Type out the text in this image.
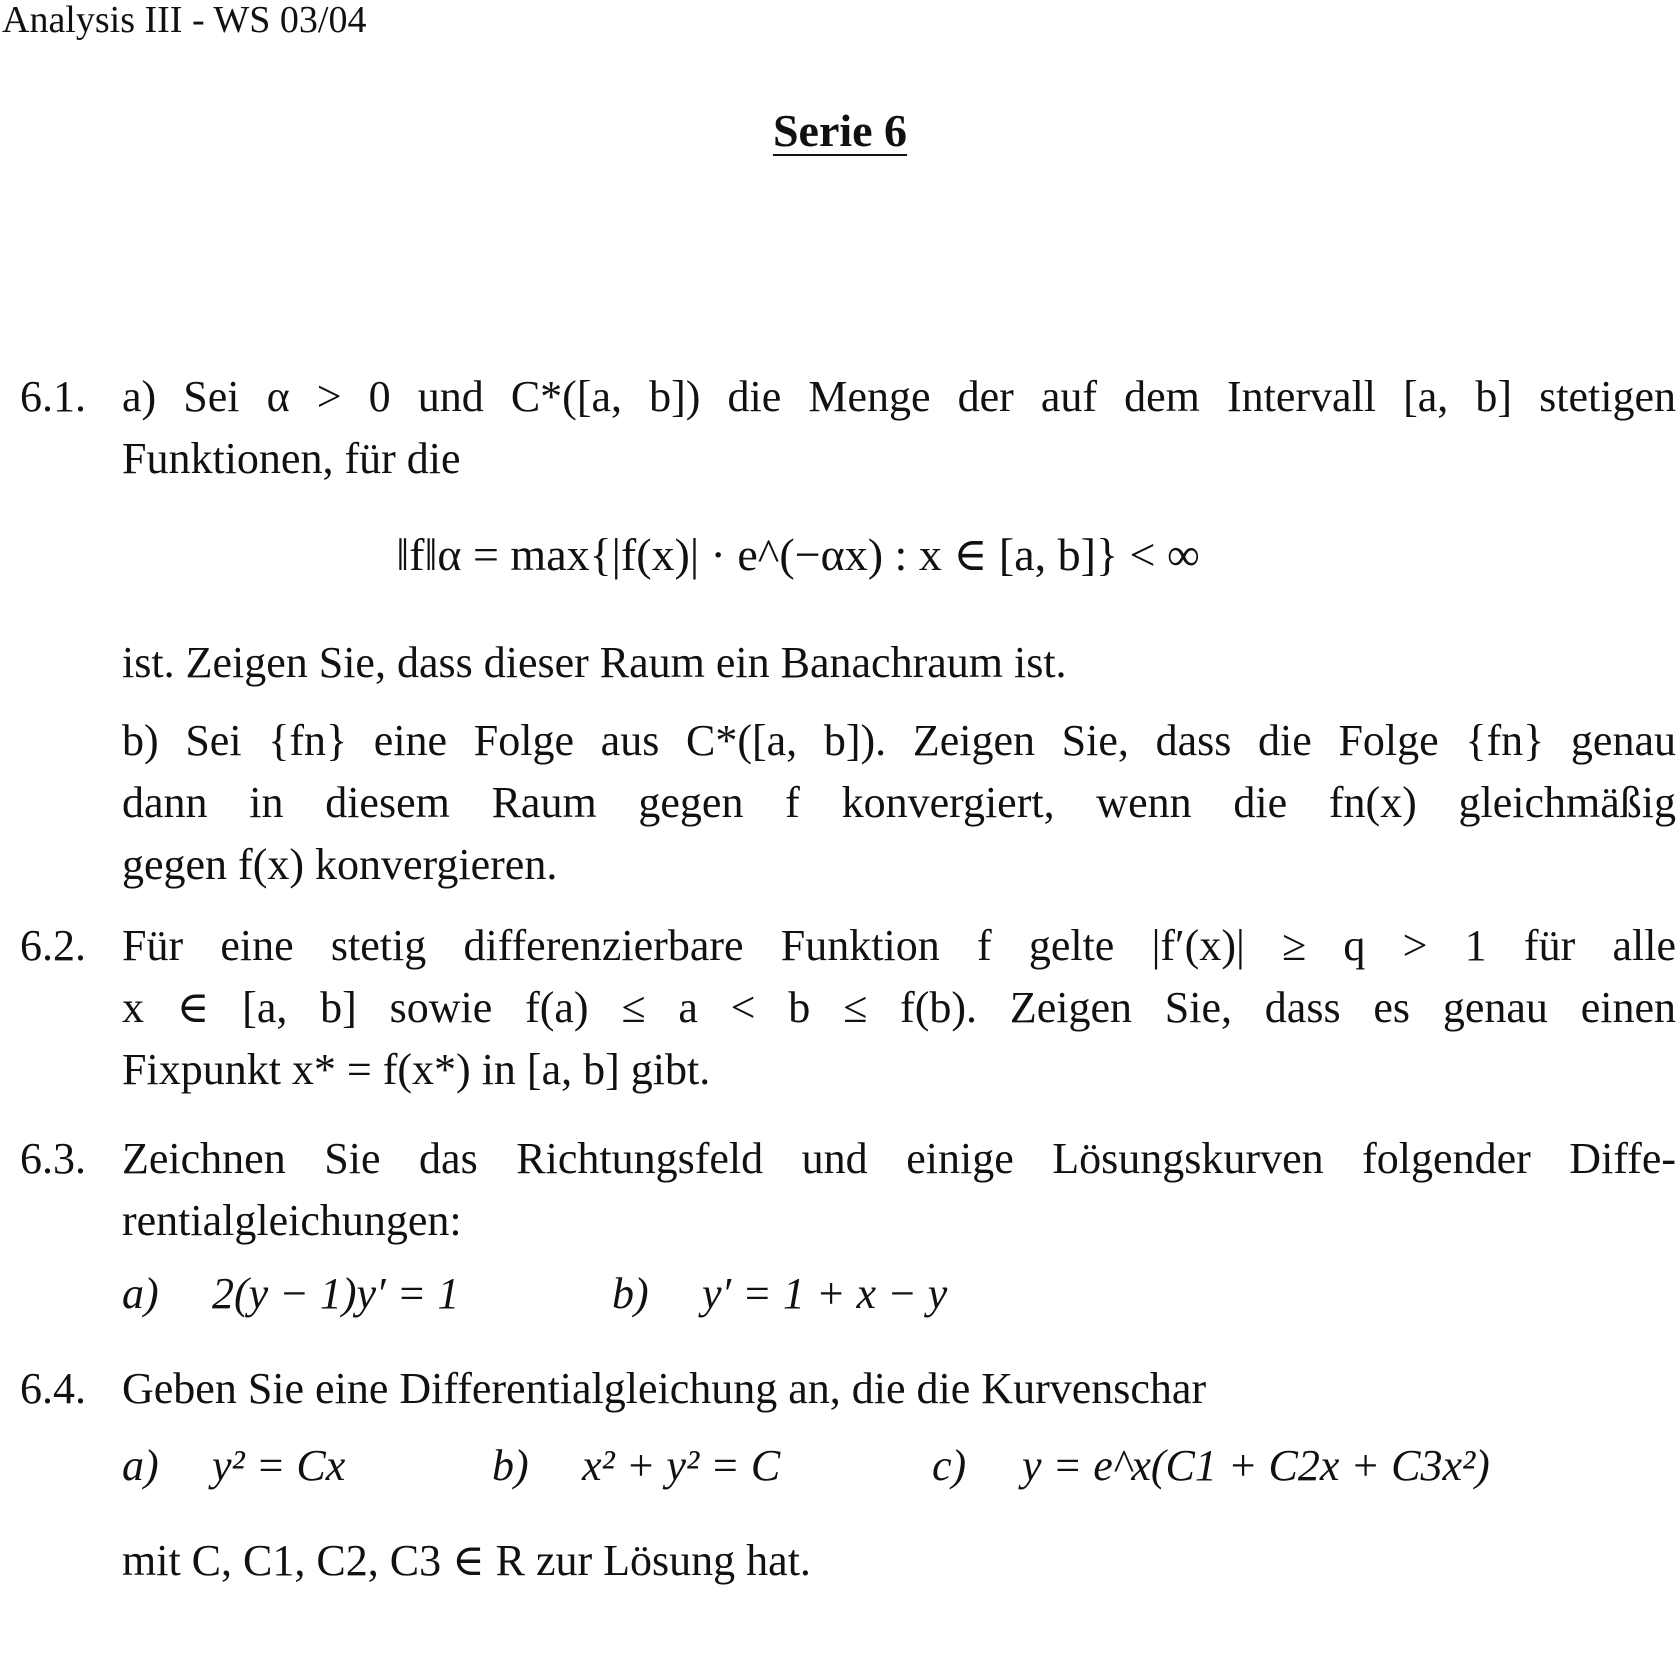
Analysis III - WS 03/04
Serie 6
6.1. a) Sei α > 0 und C*([a, b]) die Menge der auf dem Intervall [a, b] stetigen
Funktionen, für die
‖f‖α = max{|f(x)| · e^(−αx) : x ∈ [a, b]} < ∞
ist. Zeigen Sie, dass dieser Raum ein Banachraum ist.
b) Sei {fn} eine Folge aus C*([a, b]). Zeigen Sie, dass die Folge {fn} genau
dann in diesem Raum gegen f konvergiert, wenn die fn(x) gleichmäßig
gegen f(x) konvergieren.
6.2. Für eine stetig differenzierbare Funktion f gelte |f′(x)| ≥ q > 1 für alle
x ∈ [a, b] sowie f(a) ≤ a < b ≤ f(b). Zeigen Sie, dass es genau einen
Fixpunkt x* = f(x*) in [a, b] gibt.
6.3. Zeichnen Sie das Richtungsfeld und einige Lösungskurven folgender Diffe-
rentialgleichungen:
a) 2(y − 1)y′ = 1	b) y′ = 1 + x − y
6.4. Geben Sie eine Differentialgleichung an, die die Kurvenschar
a) y² = Cx	b) x² + y² = C	c) y = e^x(C1 + C2x + C3x²)
mit C, C1, C2, C3 ∈ R zur Lösung hat.
